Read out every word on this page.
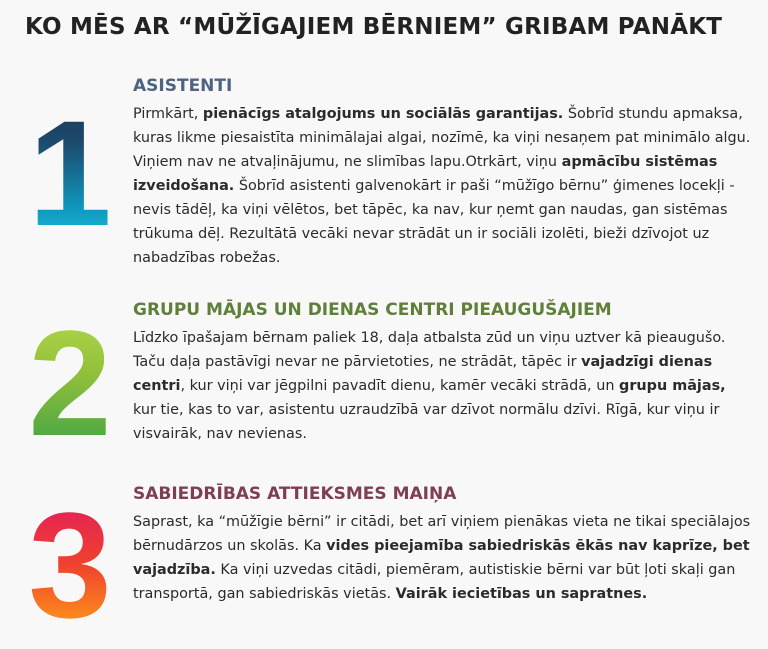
KO MĒS AR “MŪŽĪGAJIEM BĒRNIEM” GRIBAM PANĀKT
1
ASISTENTI

Pirmkārt, pienācīgs atalgojums un sociālās garantijas. Šobrīd stundu apmaksa, kuras likme piesaistīta minimālajai algai, nozīmē, ka viņi nesaņem pat minimālo algu. Viņiem nav ne atvaļinājumu, ne slimības lapu.Otrkārt, viņu apmācību sistēmas izveidošana. Šobrīd asistenti galvenokārt ir paši “mūžīgo bērnu” ģimenes locekļi - nevis tādēļ, ka viņi vēlētos, bet tāpēc, ka nav, kur ņemt gan naudas, gan sistēmas trūkuma dēļ. Rezultātā vecāki nevar strādāt un ir sociāli izolēti, bieži dzīvojot uz nabadzības robežas.

2 GRUPU MĀJAS UN DIENAS CENTRI PIEAUGUŠAJIEM

Līdzko īpašajam bērnam paliek 18, daļa atbalsta zūd un viņu uztver kā pieaugušo. Taču daļa pastāvīgi nevar ne pārvietoties, ne strādāt, tāpēc ir vajadzīgi dienas centri, kur viņi var jēgpilni pavadīt dienu, kamēr vecāki strādā, un grupu mājas, kur tie, kas to var, asistentu uzraudzībā var dzīvot normālu dzīvi. Rīgā, kur viņu ir visvairāk, nav nevienas.

3 SABIEDRĪBAS ATTIEKSMES MAIŅA

Saprast, ka “mūžīgie bērni” ir citādi, bet arī viņiem pienākas vieta ne tikai speciālajos bērnudārzos un skolās. Ka vides pieejamība sabiedriskās ēkās nav kaprīze, bet vajadzība. Ka viņi uzvedas citādi, piemēram, autistiskie bērni var būt ļoti skaļi gan transportā, gan sabiedriskās vietās. Vairāk iecietības un sapratnes.
